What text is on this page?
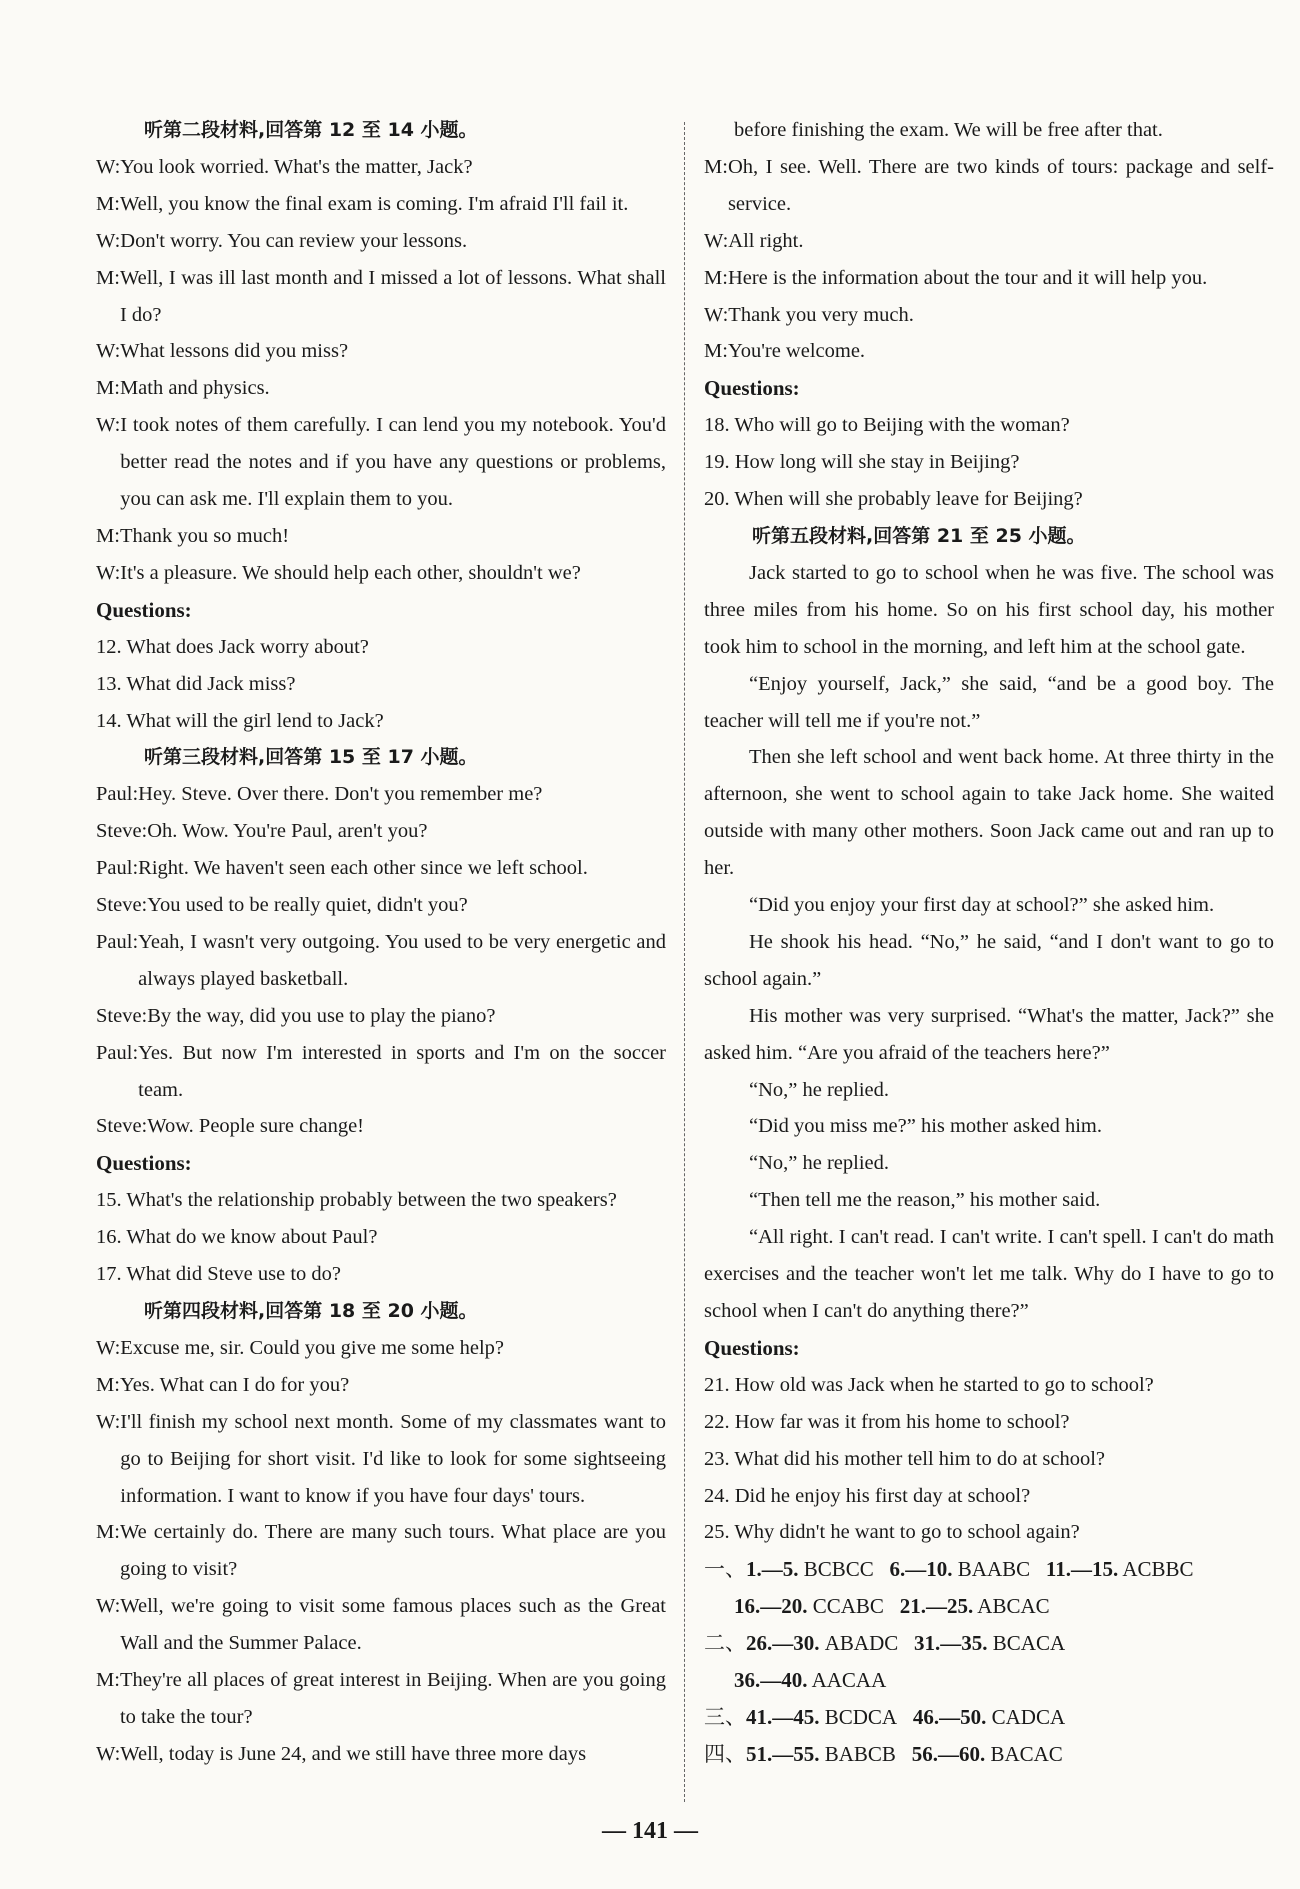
听第二段材料,回答第 12 至 14 小题。
W: You look worried. What's the matter, Jack?
M: Well, you know the final exam is coming. I'm afraid I'll fail it.
W: Don't worry. You can review your lessons.
M: Well, I was ill last month and I missed a lot of lessons. What shall I do?
W: What lessons did you miss?
M: Math and physics.
W: I took notes of them carefully. I can lend you my notebook. You'd better read the notes and if you have any questions or problems, you can ask me. I'll explain them to you.
M: Thank you so much!
W: It's a pleasure. We should help each other, shouldn't we?
Questions:
12. What does Jack worry about?
13. What did Jack miss?
14. What will the girl lend to Jack?
听第三段材料,回答第 15 至 17 小题。
Paul: Hey. Steve. Over there. Don't you remember me?
Steve: Oh. Wow. You're Paul, aren't you?
Paul: Right. We haven't seen each other since we left school.
Steve: You used to be really quiet, didn't you?
Paul: Yeah, I wasn't very outgoing. You used to be very energetic and always played basketball.
Steve: By the way, did you use to play the piano?
Paul: Yes. But now I'm interested in sports and I'm on the soccer team.
Steve: Wow. People sure change!
Questions:
15. What's the relationship probably between the two speakers?
16. What do we know about Paul?
17. What did Steve use to do?
听第四段材料,回答第 18 至 20 小题。
W: Excuse me, sir. Could you give me some help?
M: Yes. What can I do for you?
W: I'll finish my school next month. Some of my classmates want to go to Beijing for short visit. I'd like to look for some sightseeing information. I want to know if you have four days' tours.
M: We certainly do. There are many such tours. What place are you going to visit?
W: Well, we're going to visit some famous places such as the Great Wall and the Summer Palace.
M: They're all places of great interest in Beijing. When are you going to take the tour?
W: Well, today is June 24, and we still have three more days
before finishing the exam. We will be free after that.
M: Oh, I see. Well. There are two kinds of tours: package and self-service.
W: All right.
M: Here is the information about the tour and it will help you.
W: Thank you very much.
M: You're welcome.
Questions:
18. Who will go to Beijing with the woman?
19. How long will she stay in Beijing?
20. When will she probably leave for Beijing?
听第五段材料,回答第 21 至 25 小题。
Jack started to go to school when he was five. The school was three miles from his home. So on his first school day, his mother took him to school in the morning, and left him at the school gate.
“Enjoy yourself, Jack,” she said, “and be a good boy. The teacher will tell me if you're not.”
Then she left school and went back home. At three thirty in the afternoon, she went to school again to take Jack home. She waited outside with many other mothers. Soon Jack came out and ran up to her.
“Did you enjoy your first day at school?” she asked him.
He shook his head. “No,” he said, “and I don't want to go to school again.”
His mother was very surprised. “What's the matter, Jack?” she asked him. “Are you afraid of the teachers here?”
“No,” he replied.
“Did you miss me?” his mother asked him.
“No,” he replied.
“Then tell me the reason,” his mother said.
“All right. I can't read. I can't write. I can't spell. I can't do math exercises and the teacher won't let me talk. Why do I have to go to school when I can't do anything there?”
Questions:
21. How old was Jack when he started to go to school?
22. How far was it from his home to school?
23. What did his mother tell him to do at school?
24. Did he enjoy his first day at school?
25. Why didn't he want to go to school again?
一、1.—5. BCBCC 6.—10. BAABC 11.—15. ACBBC
16.—20. CCABC 21.—25. ABCAC
二、26.—30. ABADC 31.—35. BCACA
36.—40. AACAA
三、41.—45. BCDCA 46.—50. CADCA
四、51.—55. BABCB 56.—60. BACAC
— 141 —
